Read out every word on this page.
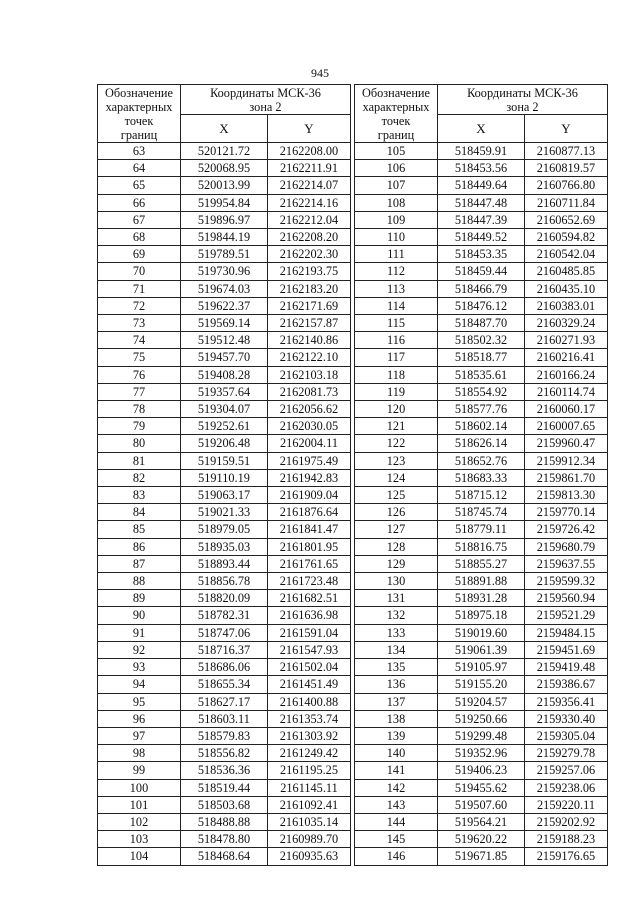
945
Обозначение
характерных
точек
границ	Координаты МСК-36
зона 2	
	X	Y
63	520121.72	2162208.00
64	520068.95	2162211.91
65	520013.99	2162214.07
66	519954.84	2162214.16
67	519896.97	2162212.04
68	519844.19	2162208.20
69	519789.51	2162202.30
70	519730.96	2162193.75
71	519674.03	2162183.20
72	519622.37	2162171.69
73	519569.14	2162157.87
74	519512.48	2162140.86
75	519457.70	2162122.10
76	519408.28	2162103.18
77	519357.64	2162081.73
78	519304.07	2162056.62
79	519252.61	2162030.05
80	519206.48	2162004.11
81	519159.51	2161975.49
82	519110.19	2161942.83
83	519063.17	2161909.04
84	519021.33	2161876.64
85	518979.05	2161841.47
86	518935.03	2161801.95
87	518893.44	2161761.65
88	518856.78	2161723.48
89	518820.09	2161682.51
90	518782.31	2161636.98
91	518747.06	2161591.04
92	518716.37	2161547.93
93	518686.06	2161502.04
94	518655.34	2161451.49
95	518627.17	2161400.88
96	518603.11	2161353.74
97	518579.83	2161303.92
98	518556.82	2161249.42
99	518536.36	2161195.25
100	518519.44	2161145.11
101	518503.68	2161092.41
102	518488.88	2161035.14
103	518478.80	2160989.70
104	518468.64	2160935.63
Обозначение
характерных
точек
границ	Координаты МСК-36
зона 2	
	X	Y
105	518459.91	2160877.13
106	518453.56	2160819.57
107	518449.64	2160766.80
108	518447.48	2160711.84
109	518447.39	2160652.69
110	518449.52	2160594.82
111	518453.35	2160542.04
112	518459.44	2160485.85
113	518466.79	2160435.10
114	518476.12	2160383.01
115	518487.70	2160329.24
116	518502.32	2160271.93
117	518518.77	2160216.41
118	518535.61	2160166.24
119	518554.92	2160114.74
120	518577.76	2160060.17
121	518602.14	2160007.65
122	518626.14	2159960.47
123	518652.76	2159912.34
124	518683.33	2159861.70
125	518715.12	2159813.30
126	518745.74	2159770.14
127	518779.11	2159726.42
128	518816.75	2159680.79
129	518855.27	2159637.55
130	518891.88	2159599.32
131	518931.28	2159560.94
132	518975.18	2159521.29
133	519019.60	2159484.15
134	519061.39	2159451.69
135	519105.97	2159419.48
136	519155.20	2159386.67
137	519204.57	2159356.41
138	519250.66	2159330.40
139	519299.48	2159305.04
140	519352.96	2159279.78
141	519406.23	2159257.06
142	519455.62	2159238.06
143	519507.60	2159220.11
144	519564.21	2159202.92
145	519620.22	2159188.23
146	519671.85	2159176.65
